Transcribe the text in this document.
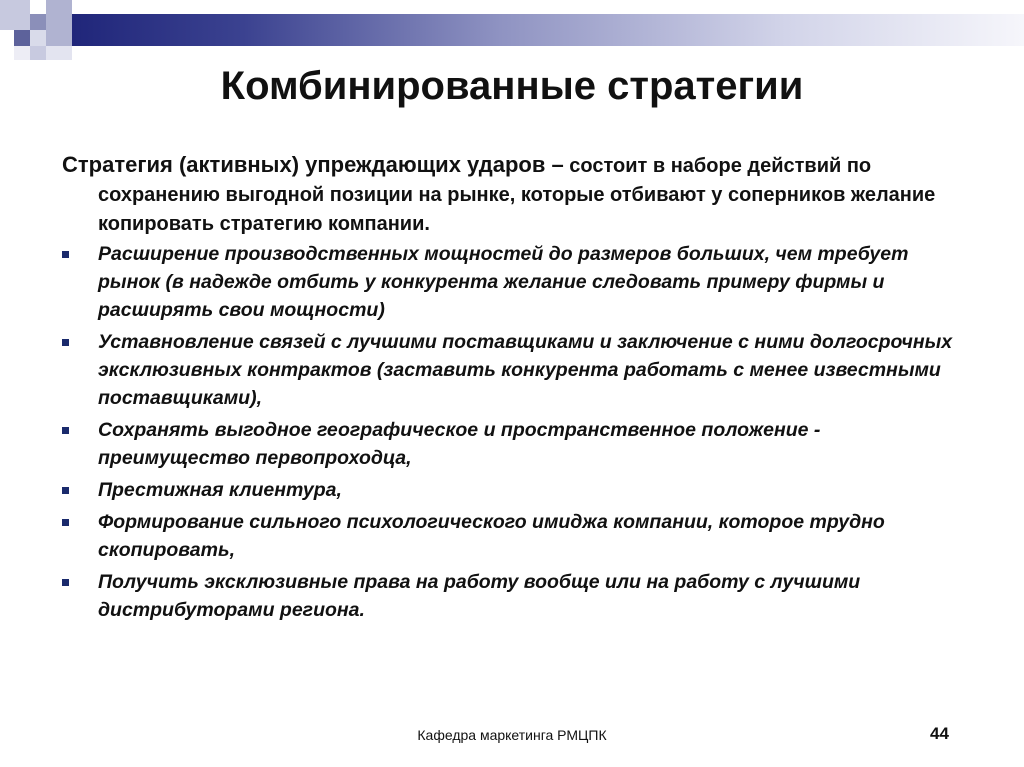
Комбинированные стратегии

Стратегия (активных) упреждающих ударов – состоит в наборе действий по сохранению выгодной позиции на рынке, которые отбивают у соперников желание копировать стратегию компании.

Расширение производственных мощностей до размеров больших, чем требует рынок (в надежде отбить у конкурента желание следовать примеру фирмы и расширять свои мощности)
Уставновление связей с лучшими поставщиками и заключение с ними долгосрочных эксклюзивных контрактов (заставить конкурента работать с менее известными поставщиками),
Сохранять выгодное географическое и пространственное положение - преимущество первопроходца,
Престижная клиентура,
Формирование сильного психологического имиджа компании, которое трудно скопировать,
Получить эксклюзивные права на работу вообще или на работу с лучшими дистрибуторами региона.
Кафедра маркетинга РМЦПК	44
